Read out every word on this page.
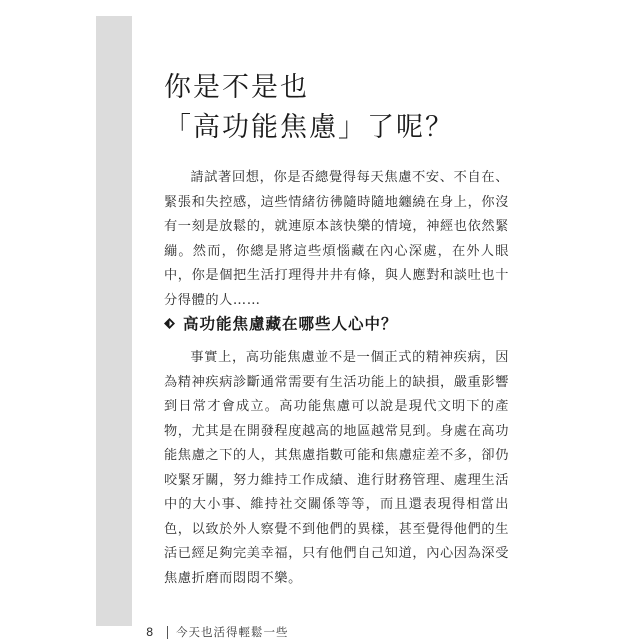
你是不是也
「高功能焦慮」了呢？

請試著回想，你是否總覺得每天焦慮不安、不自在、緊張和失控感，這些情緒彷彿隨時隨地纏繞在身上，你沒有一刻是放鬆的，就連原本該快樂的情境，神經也依然緊繃。然而，你總是將這些煩惱藏在內心深處，在外人眼中，你是個把生活打理得井井有條，與人應對和談吐也十分得體的人……

高功能焦慮藏在哪些人心中？

事實上，高功能焦慮並不是一個正式的精神疾病，因為精神疾病診斷通常需要有生活功能上的缺損，嚴重影響到日常才會成立。高功能焦慮可以說是現代文明下的產物，尤其是在開發程度越高的地區越常見到。身處在高功能焦慮之下的人，其焦慮指數可能和焦慮症差不多，卻仍咬緊牙關，努力維持工作成績、進行財務管理、處理生活中的大小事、維持社交關係等等，而且還表現得相當出色，以致於外人察覺不到他們的異樣，甚至覺得他們的生活已經足夠完美幸福，只有他們自己知道，內心因為深受焦慮折磨而悶悶不樂。

8 今天也活得輕鬆一些
